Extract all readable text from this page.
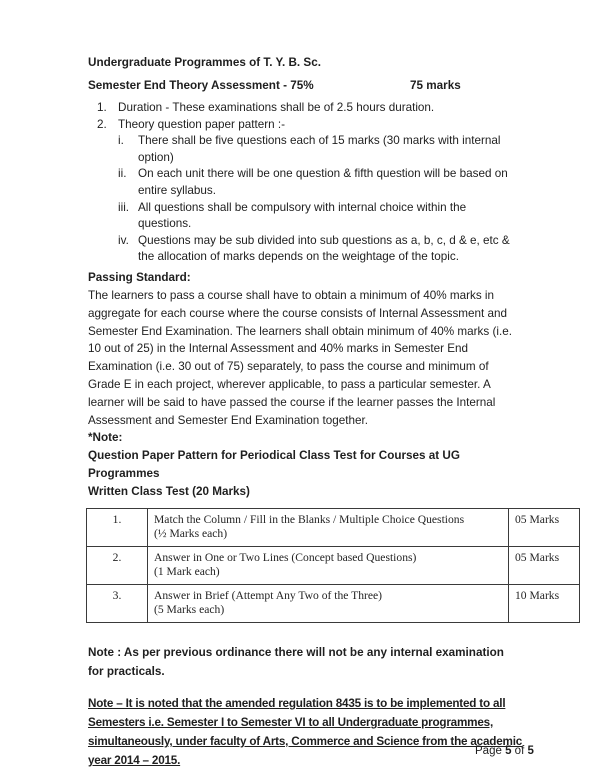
Undergraduate Programmes of T. Y. B. Sc.
Semester End Theory Assessment - 75%	75 marks
1. Duration - These examinations shall be of 2.5 hours duration.
2. Theory question paper pattern :-
i.	There shall be five questions each of 15 marks (30 marks with internal option)
ii. On each unit there will be one question & fifth question will be based on entire syllabus.
iii. All questions shall be compulsory with internal choice within the questions.
iv. Questions may be sub divided into sub questions as a, b, c, d & e, etc & the allocation of marks depends on the weightage of the topic.
Passing Standard:
The learners to pass a course shall have to obtain a minimum of 40% marks in aggregate for each course where the course consists of Internal Assessment and Semester End Examination. The learners shall obtain minimum of 40% marks (i.e. 10 out of 25) in the Internal Assessment and 40% marks in Semester End Examination (i.e. 30 out of 75) separately, to pass the course and minimum of Grade E in each project, wherever applicable, to pass a particular semester. A learner will be said to have passed the course if the learner passes the Internal Assessment and Semester End Examination together.
*Note:
Question Paper Pattern for Periodical Class Test for Courses at UG Programmes
Written Class Test (20 Marks)
1.	Match the Column / Fill in the Blanks / Multiple Choice Questions
(½ Marks each)	05 Marks
2.	Answer in One or Two Lines (Concept based Questions)
(1 Mark each)	05 Marks
3.	Answer in Brief (Attempt Any Two of the Three)
(5 Marks each)	10 Marks
Note : As per previous ordinance there will not be any internal examination for practicals.
Note – It is noted that the amended regulation 8435 is to be implemented to all Semesters i.e. Semester I to Semester VI to all Undergraduate programmes, simultaneously, under faculty of Arts, Commerce and Science from the academic year 2014 – 2015.
Page 5 of 5
